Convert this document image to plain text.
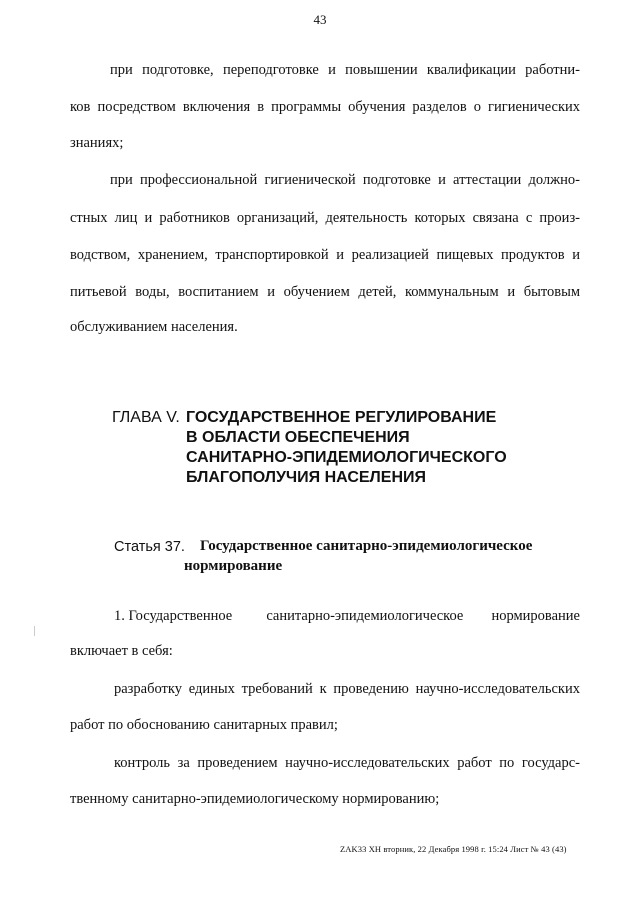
43
при подготовке, переподготовке и повышении квалификации работни-
ков посредством включения в программы обучения разделов о гигиенических
знаниях;
при профессиональной гигиенической подготовке и аттестации должно-
стных лиц и работников организаций, деятельность которых связана с произ-
водством, хранением, транспортировкой и реализацией пищевых продуктов и
питьевой воды, воспитанием и обучением детей, коммунальным и бытовым
обслуживанием населения.
ГЛАВА V. ГОСУДАРСТВЕННОЕ РЕГУЛИРОВАНИЕ
В ОБЛАСТИ ОБЕСПЕЧЕНИЯ
САНИТАРНО-ЭПИДЕМИОЛОГИЧЕСКОГО
БЛАГОПОЛУЧИЯ НАСЕЛЕНИЯ
Статья 37. Государственное санитарно-эпидемиологическое
нормирование
1. Государственное санитарно-эпидемиологическое нормирование
включает в себя:
разработку единых требований к проведению научно-исследовательских
работ по обоснованию санитарных правил;
контроль за проведением научно-исследовательских работ по государс-
твенному санитарно-эпидемиологическому нормированию;
ZAK33 XH вторник, 22 Декабря 1998 г. 15:24 Лист № 43 (43)
